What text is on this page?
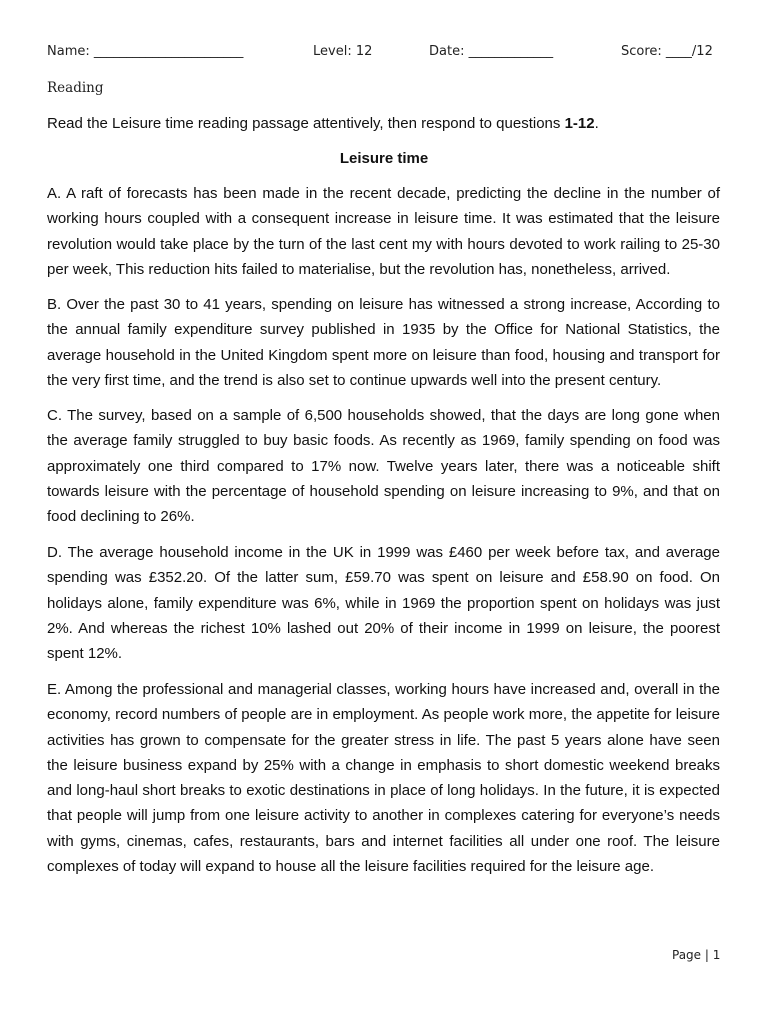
Name: _______________________	Level: 12	Date: _____________	Score: ____/12
Reading
Read the Leisure time reading passage attentively, then respond to questions 1-12.
Leisure time

A. A raft of forecasts has been made in the recent decade, predicting the decline in the number of working hours coupled with a consequent increase in leisure time. It was estimated that the leisure revolution would take place by the turn of the last cent my with hours devoted to work railing to 25-30 per week, This reduction hits failed to materialise, but the revolution has, nonetheless, arrived.

B. Over the past 30 to 41 years, spending on leisure has witnessed a strong increase, According to the annual family expenditure survey published in 1935 by the Office for National Statistics, the average household in the United Kingdom spent more on leisure than food, housing and transport for the very first time, and the trend is also set to continue upwards well into the present century.

C. The survey, based on a sample of 6,500 households showed, that the days are long gone when the average family struggled to buy basic foods. As recently as 1969, family spending on food was approximately one third compared to 17% now. Twelve years later, there was a noticeable shift towards leisure with the percentage of household spending on leisure increasing to 9%, and that on food declining to 26%.

D. The average household income in the UK in 1999 was £460 per week before tax, and average spending was £352.20. Of the latter sum, £59.70 was spent on leisure and £58.90 on food. On holidays alone, family expenditure was 6%, while in 1969 the proportion spent on holidays was just 2%. And whereas the richest 10% lashed out 20% of their income in 1999 on leisure, the poorest spent 12%.

E. Among the professional and managerial classes, working hours have increased and, overall in the economy, record numbers of people are in employment. As people work more, the appetite for leisure activities has grown to compensate for the greater stress in life. The past 5 years alone have seen the leisure business expand by 25% with a change in emphasis to short domestic weekend breaks and long-haul short breaks to exotic destinations in place of long holidays. In the future, it is expected that people will jump from one leisure activity to another in complexes catering for everyone’s needs with gyms, cinemas, cafes, restaurants, bars and internet facilities all under one roof. The leisure complexes of today will expand to house all the leisure facilities required for the leisure age.

Page | 1
